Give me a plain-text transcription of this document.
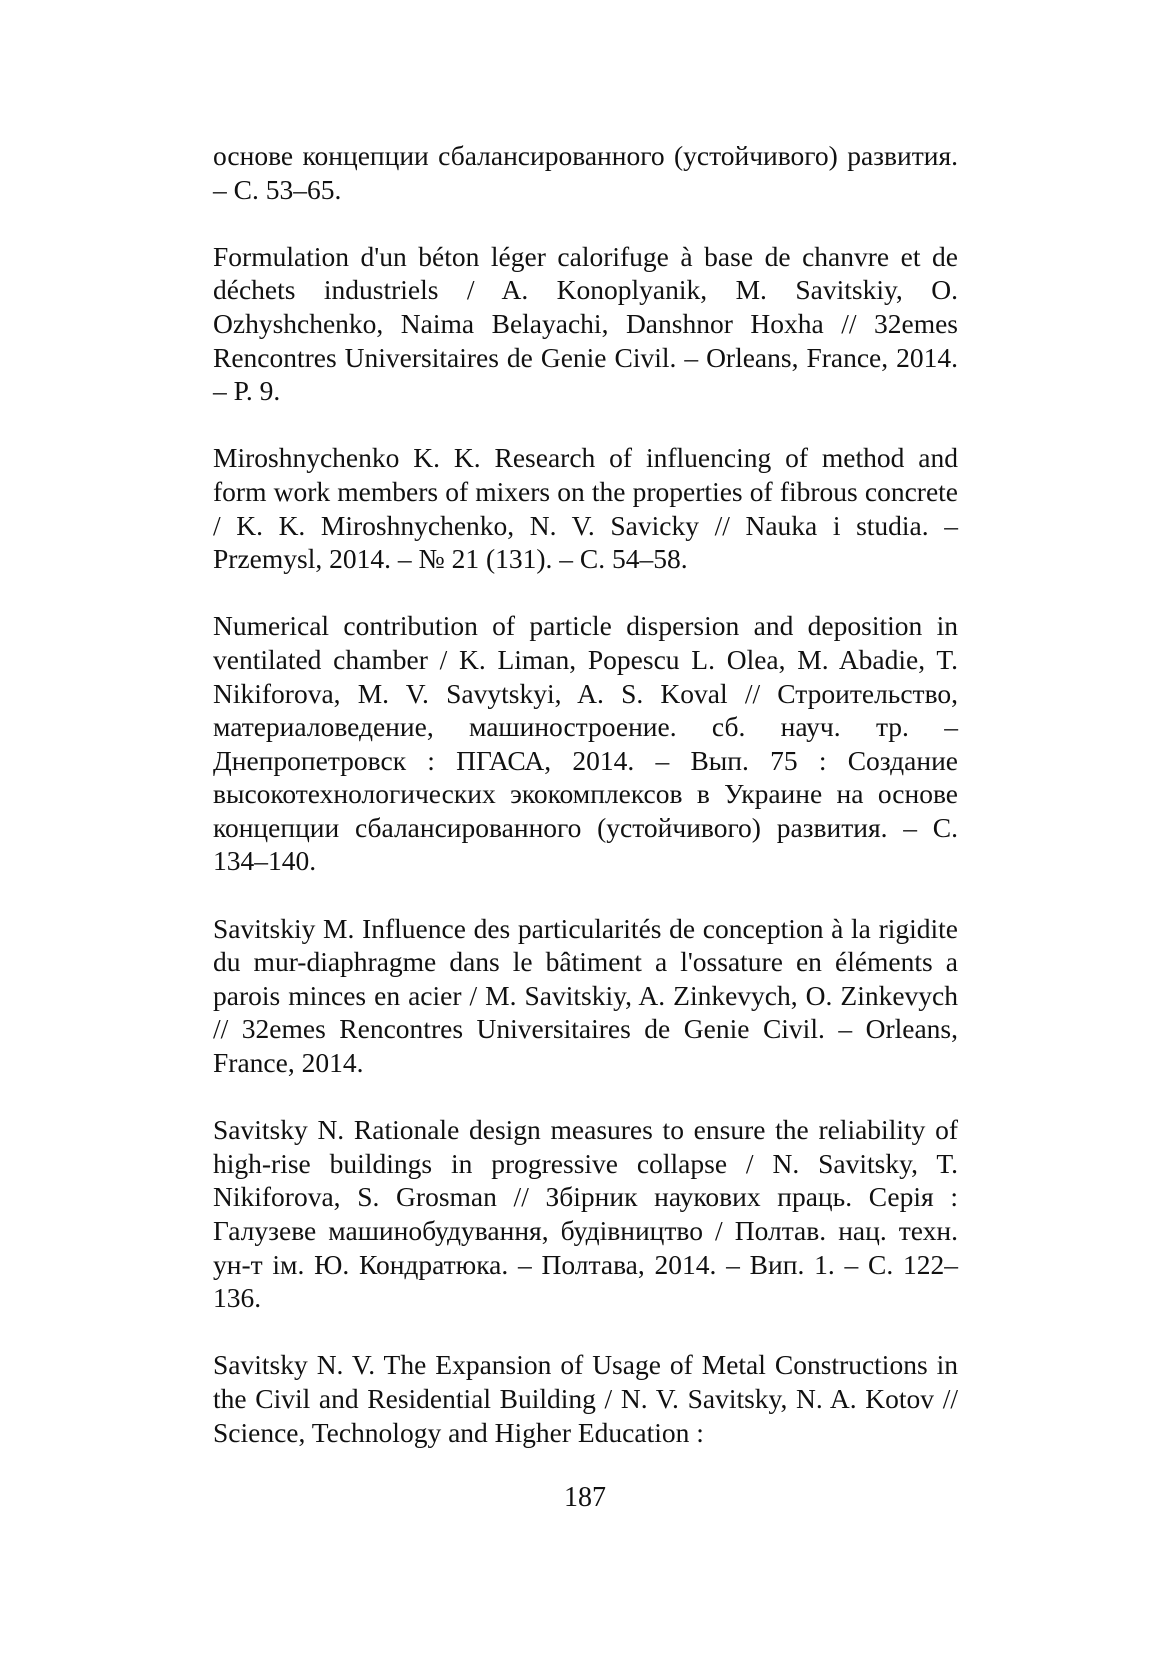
основе концепции сбалансированного (устойчивого) развития. – С. 53–65.

Formulation d'un béton léger calorifuge à base de chanvre et de déchets industriels / A. Konoplyanik, M. Savitskiy, O. Ozhyshchenko, Naima Belayachi, Danshnor Hoxha // 32emes Rencontres Universitaires de Genie Civil. – Orleans, France, 2014. – P. 9.

Miroshnychenko K. K. Research of influencing of method and form work members of mixers on the properties of fibrous concrete / K. K. Miroshnychenko, N. V. Savicky // Nauka i studia. – Przemysl, 2014. – № 21 (131). – С. 54–58.

Numerical contribution of particle dispersion and deposition in ventilated chamber / K. Liman, Popescu L. Olea, M. Abadie, T. Nikiforova, M. V. Savytskyi, A. S. Koval // Строительство, материаловедение, машиностроение. сб. науч. тр. – Днепропетровск : ПГАСА, 2014. – Вып. 75 : Создание высокотехнологических экокомплексов в Украине на основе концепции сбалансированного (устойчивого) развития. – С. 134–140.

Savitskiy M. Influence des particularités de conception à la rigidite du mur-diaphragme dans le bâtiment a l'ossature en éléments a parois minces en acier / M. Savitskiy, A. Zinkevych, O. Zinkevych // 32emes Rencontres Universitaires de Genie Civil. – Orleans, France, 2014.

Savitsky N. Rationale design measures to ensure the reliability of high-rise buildings in progressive collapse / N. Savitsky, T. Nikiforova, S. Grosman // Збірник наукових праць. Серія : Галузеве машинобудування, будівництво / Полтав. нац. техн. ун-т ім. Ю. Кондратюка. – Полтава, 2014. – Вип. 1. – С. 122–136.

Savitsky N. V. The Expansion of Usage of Metal Constructions in the Civil and Residential Building / N. V. Savitsky, N. A. Kotov // Science, Technology and Higher Education :

187
